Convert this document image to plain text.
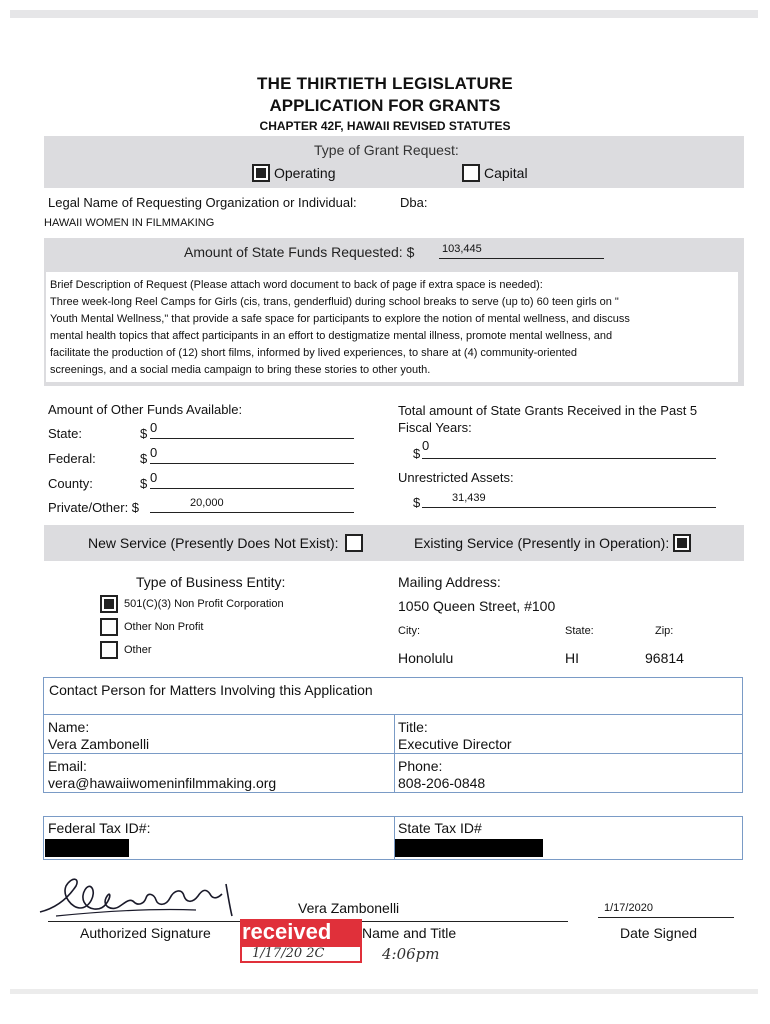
THE THIRTIETH LEGISLATURE
APPLICATION FOR GRANTS
CHAPTER 42F, HAWAII REVISED STATUTES
Type of Grant Request:
Operating	Capital
Legal Name of Requesting Organization or Individual:	Dba:
HAWAII WOMEN IN FILMMAKING
Amount of State Funds Requested: $	103,445
Brief Description of Request (Please attach word document to back of page if extra space is needed):
Three week-long Reel Camps for Girls (cis, trans, genderfluid) during school breaks to serve (up to) 60 teen girls on "
Youth Mental Wellness," that provide a safe space for participants to explore the notion of mental wellness, and discuss
mental health topics that affect participants in an effort to destigmatize mental illness, promote mental wellness, and
facilitate the production of (12) short films, informed by lived experiences, to share at (4) community-oriented
screenings, and a social media campaign to bring these stories to other youth.
Amount of Other Funds Available:
State:	$ 0
Federal:	$ 0
County:	$ 0
Private/Other: $	20,000
Total amount of State Grants Received in the Past 5
Fiscal Years:
$
0
Unrestricted Assets:
$	31,439
New Service (Presently Does Not Exist):	Existing Service (Presently in Operation):
Type of Business Entity:
501(C)(3) Non Profit Corporation
Other Non Profit
Other
Mailing Address:
1050 Queen Street, #100
City:	State:	Zip:
Honolulu	HI	96814
Contact Person for Matters Involving this Application
Name:
Vera Zambonelli
Title:
Executive Director
Email:
vera@hawaiiwomeninfilmmaking.org
Phone:
808-206-0848
Federal Tax ID#:	State Tax ID#
Vera Zambonelli	1/17/2020
Authorized Signature	Name and Title	Date Signed
received
1/17/20 2C	4:06pm
